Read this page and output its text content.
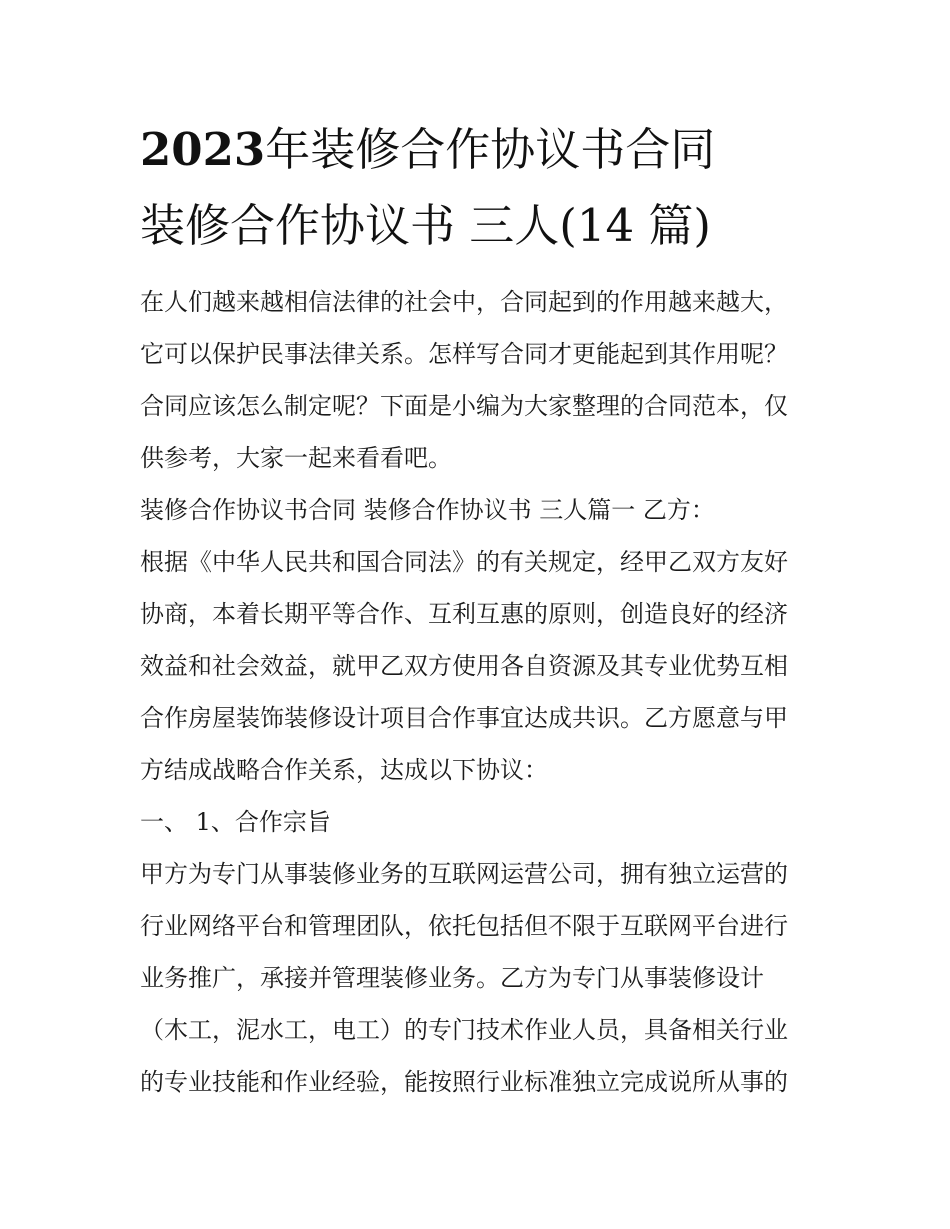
2023年装修合作协议书合同
装修合作协议书 三人(14 篇)
在人们越来越相信法律的社会中，合同起到的作用越来越大，
它可以保护民事法律关系。怎样写合同才更能起到其作用呢？
合同应该怎么制定呢？下面是小编为大家整理的合同范本，仅
供参考，大家一起来看看吧。
装修合作协议书合同 装修合作协议书 三人篇一 乙方：
根据《中华人民共和国合同法》的有关规定，经甲乙双方友好
协商，本着长期平等合作、互利互惠的原则，创造良好的经济
效益和社会效益，就甲乙双方使用各自资源及其专业优势互相
合作房屋装饰装修设计项目合作事宜达成共识。乙方愿意与甲
方结成战略合作关系，达成以下协议：
一、 1、合作宗旨
甲方为专门从事装修业务的互联网运营公司，拥有独立运营的
行业网络平台和管理团队，依托包括但不限于互联网平台进行
业务推广，承接并管理装修业务。乙方为专门从事装修设计
（木工，泥水工，电工）的专门技术作业人员，具备相关行业
的专业技能和作业经验，能按照行业标准独立完成说所从事的
